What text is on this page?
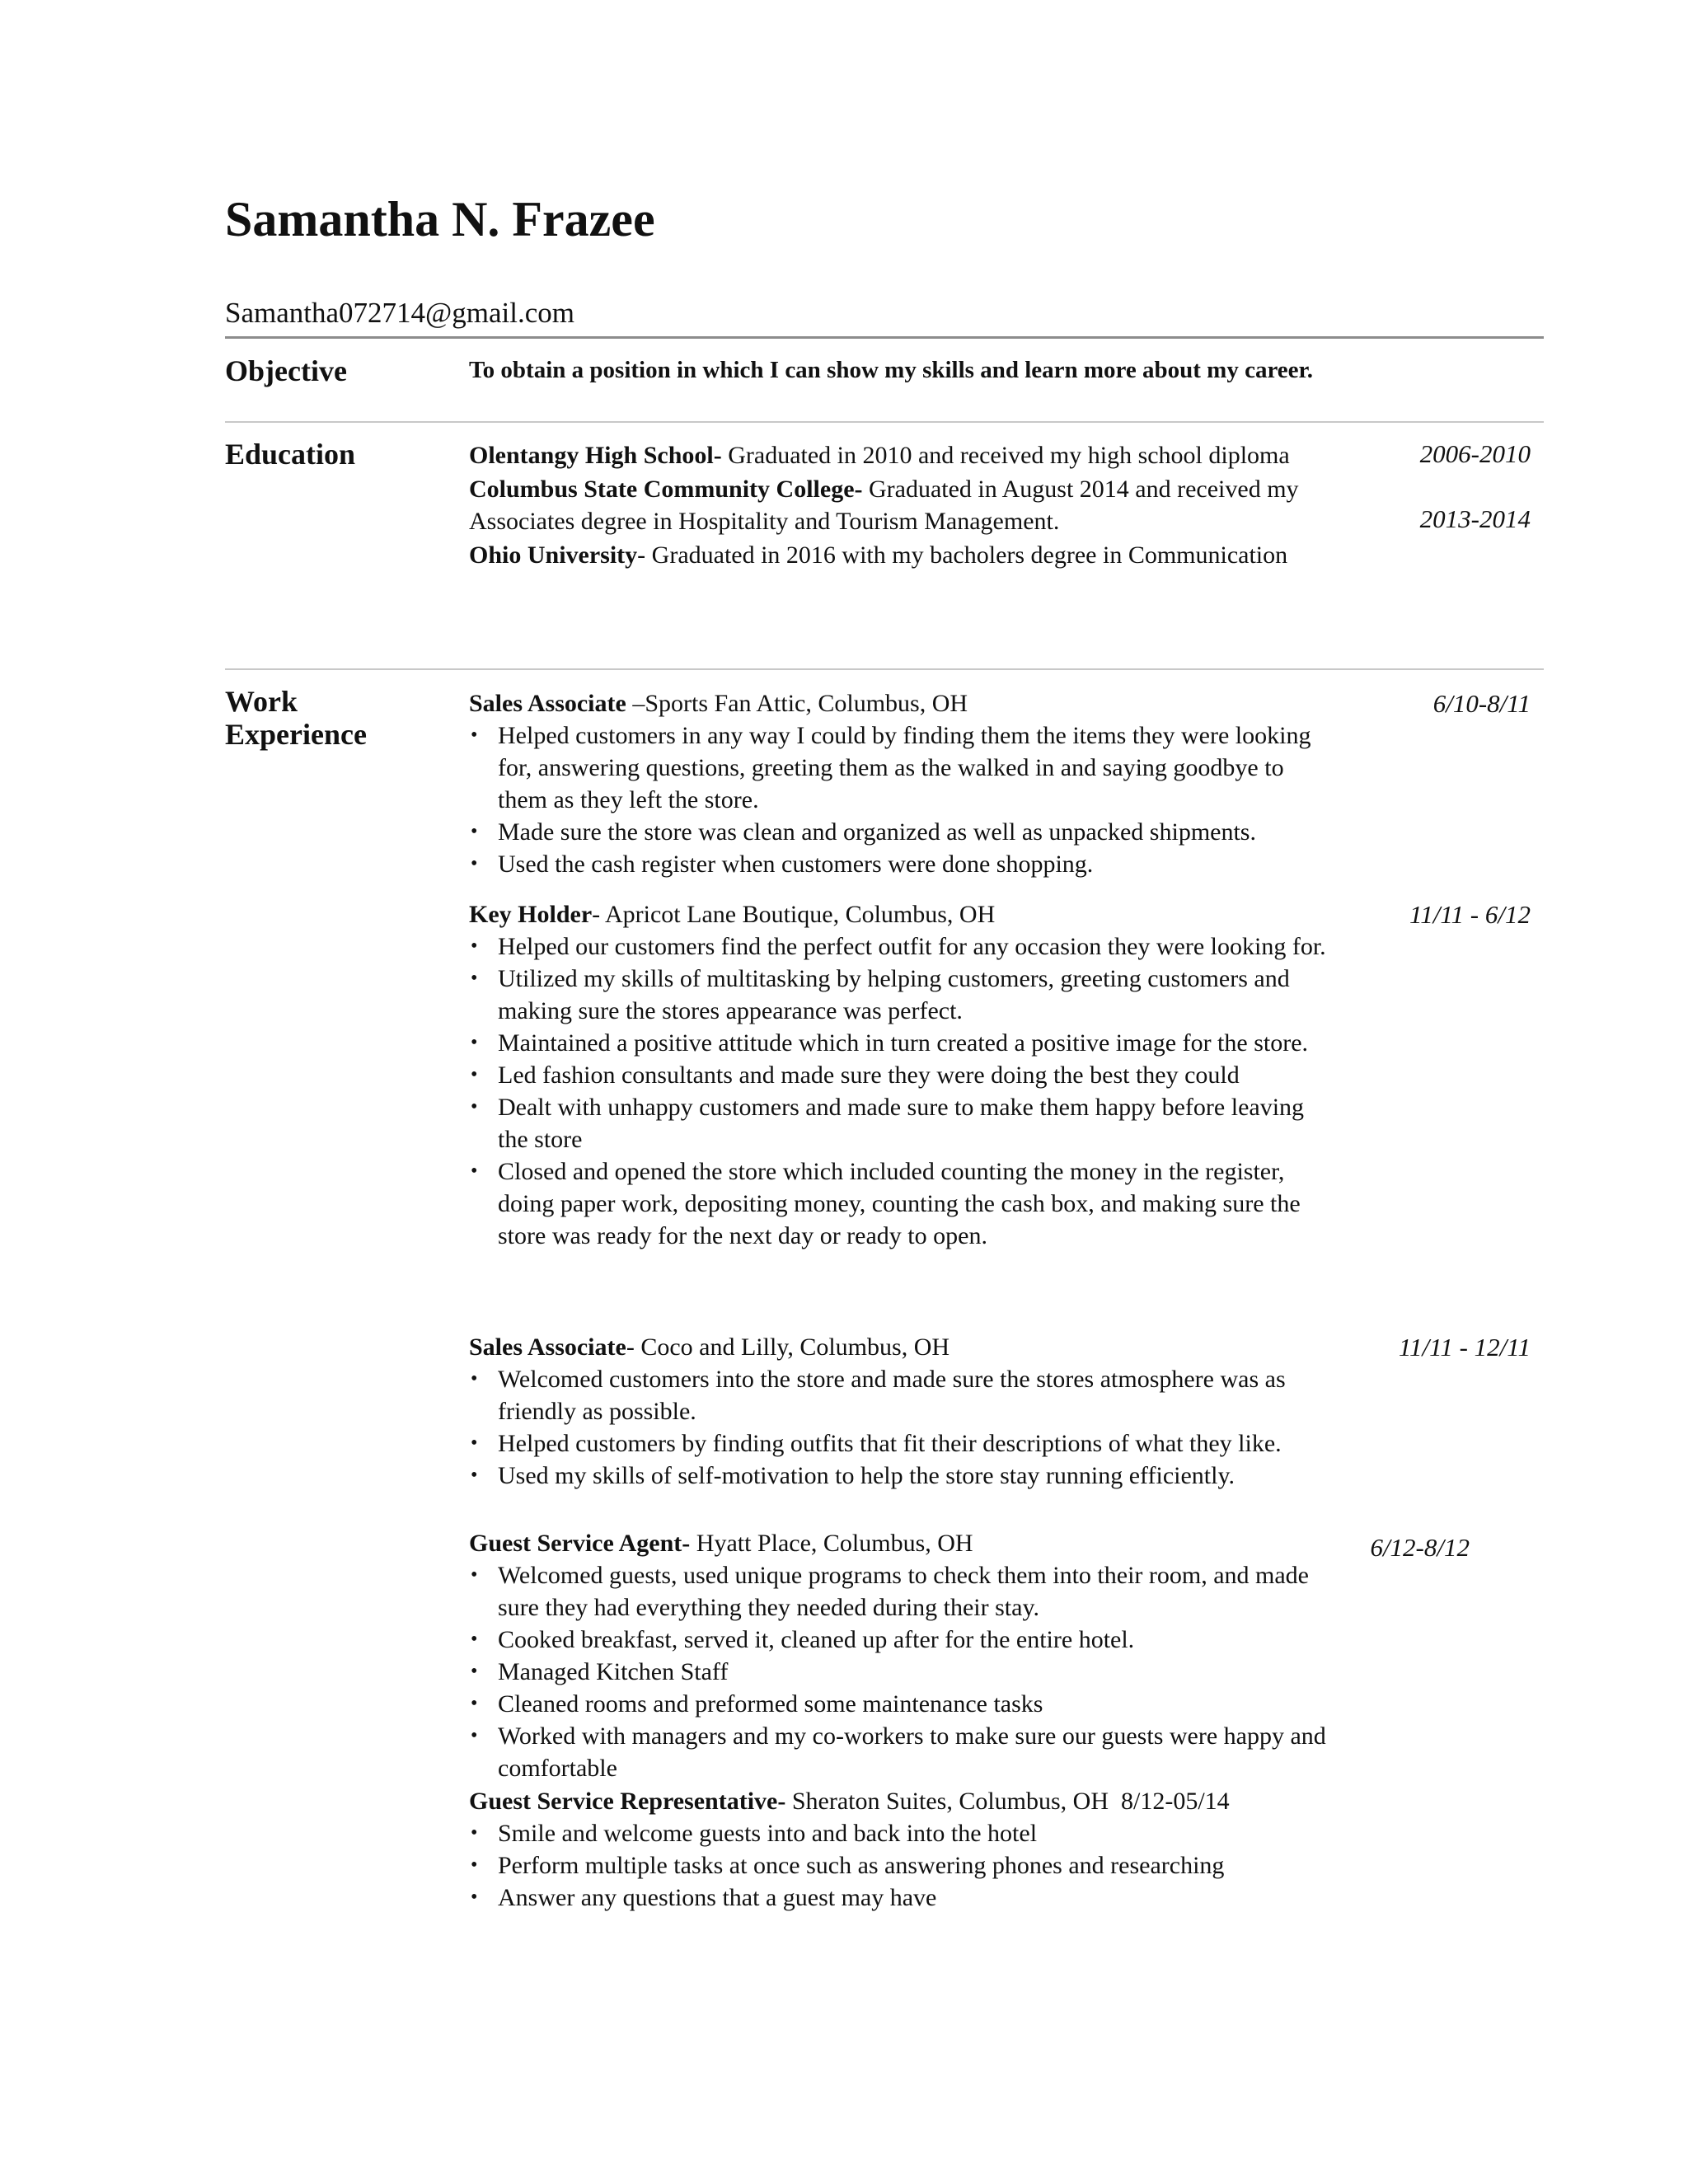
Samantha N. Frazee
Samantha072714@gmail.com
Objective	To obtain a position in which I can show my skills and learn more about my career.
Education	Olentangy High School- Graduated in 2010 and received my high school diploma

Columbus State Community College- Graduated in August 2014 and received my Associates degree in Hospitality and Tourism Management.

Ohio University- Graduated in 2016 with my bacholers degree in Communication

2006-2010
2013-2014
Work
Experience

Sales Associate –Sports Fan Attic, Columbus, OH

• Helped customers in any way I could by finding them the items they were looking for, answering questions, greeting them as the walked in and saying goodbye to them as they left the store.
• Made sure the store was clean and organized as well as unpacked shipments.
• Used the cash register when customers were done shopping.
6/10-8/11

Key Holder- Apricot Lane Boutique, Columbus, OH

• Helped our customers find the perfect outfit for any occasion they were looking for.
• Utilized my skills of multitasking by helping customers, greeting customers and making sure the stores appearance was perfect.
• Maintained a positive attitude which in turn created a positive image for the store.
• Led fashion consultants and made sure they were doing the best they could
• Dealt with unhappy customers and made sure to make them happy before leaving the store
• Closed and opened the store which included counting the money in the register, doing paper work, depositing money, counting the cash box, and making sure the store was ready for the next day or ready to open.
11/11 - 6/12

Sales Associate- Coco and Lilly, Columbus, OH

• Welcomed customers into the store and made sure the stores atmosphere was as friendly as possible.
• Helped customers by finding outfits that fit their descriptions of what they like.
• Used my skills of self-motivation to help the store stay running efficiently.
11/11 - 12/11

Guest Service Agent- Hyatt Place, Columbus, OH

• Welcomed guests, used unique programs to check them into their room, and made sure they had everything they needed during their stay.
• Cooked breakfast, served it, cleaned up after for the entire hotel.
• Managed Kitchen Staff
• Cleaned rooms and preformed some maintenance tasks
• Worked with managers and my co-workers to make sure our guests were happy and comfortable
6/12-8/12

Guest Service Representative- Sheraton Suites, Columbus, OH 8/12-05/14

• Smile and welcome guests into and back into the hotel
• Perform multiple tasks at once such as answering phones and researching
• Answer any questions that a guest may have
